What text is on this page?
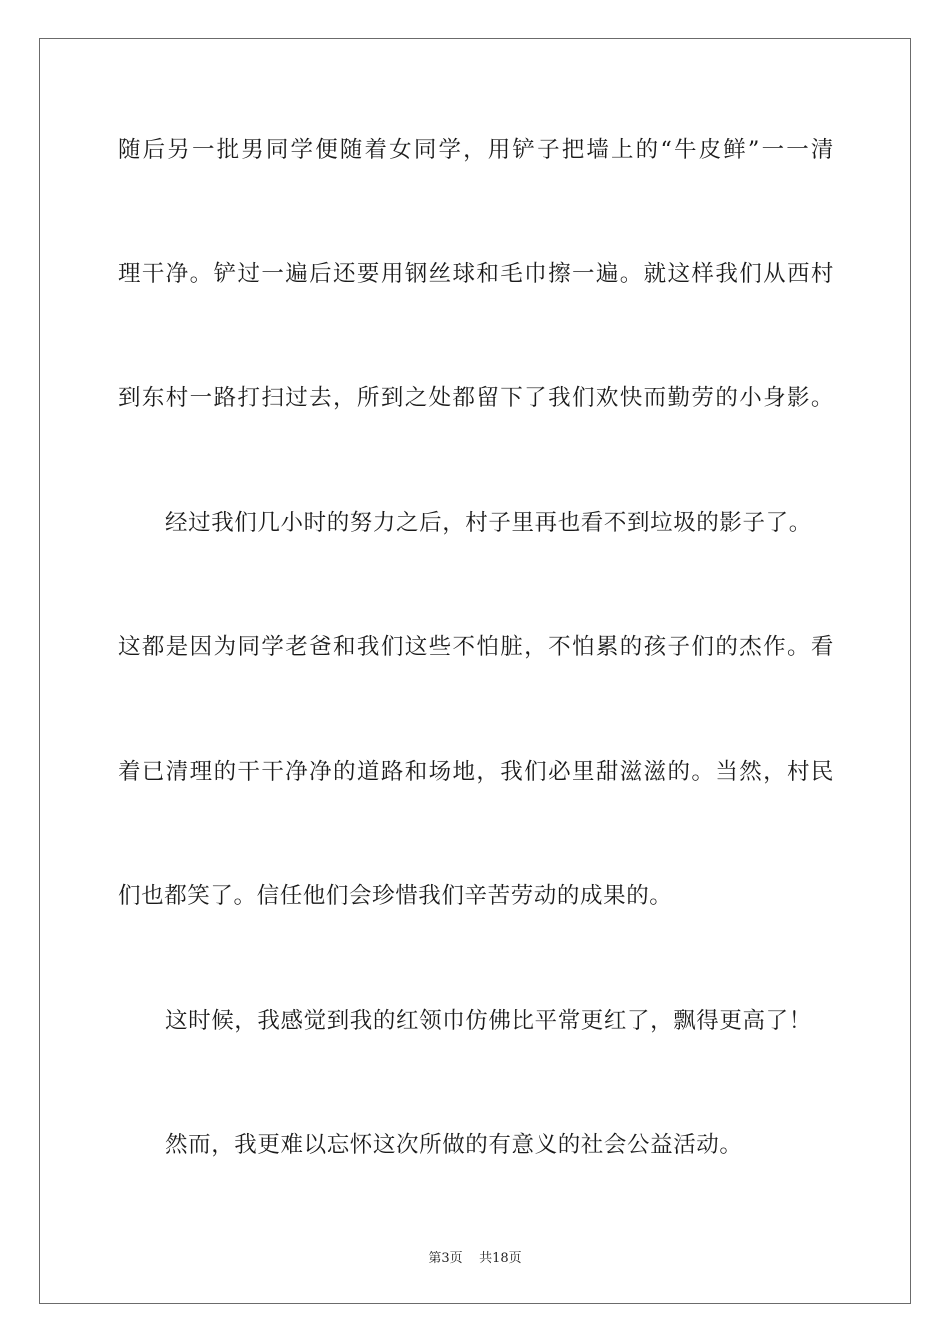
随后另一批男同学便随着女同学，用铲子把墙上的“牛皮鲜”一一清
理干净。铲过一遍后还要用钢丝球和毛巾擦一遍。就这样我们从西村
到东村一路打扫过去，所到之处都留下了我们欢快而勤劳的小身影。
经过我们几小时的努力之后，村子里再也看不到垃圾的影子了。
这都是因为同学老爸和我们这些不怕脏，不怕累的孩子们的杰作。看
着已清理的干干净净的道路和场地，我们必里甜滋滋的。当然，村民
们也都笑了。信任他们会珍惜我们辛苦劳动的成果的。
这时候，我感觉到我的红领巾仿佛比平常更红了，飘得更高了！
然而，我更难以忘怀这次所做的有意义的社会公益活动。
第3页 共18页
